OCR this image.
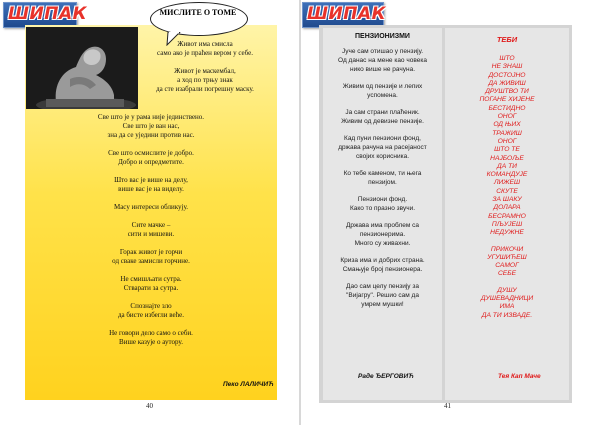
ШИПАК	ШИПАК
МИСЛИТЕ О ТОМЕ
Живот има смисла
само ако је праћен вером у себе.
Живот је маскембал,
а ход по трњу знак
да сте изабрали погрешну маску.
Све што је у рама није јединствено.
Све што је ван нас,
зна да се уједини против нас.
Све што осмислите је добро.
Добро и опредметите.
Што вас је више на делу,
више вас је на виделу.
Масу интереси обликују.
Сите мачке –
сити и мишеви.
Горак живот је горчи
од сваке замисли горчине.
Не смишљати сутра.
Стварати за сутра.
Спознајте зло
да бисте избегли веће.
Не говори дело само о себи.
Више казује о аутору.
Пеко ЛАЛИЧИЋ
40
ПЕНЗИОНИЗМИ
Јуче сам отишао у пензију.
Од данас на мене као човека
нико више не рачуна.
Живим од пензије и лепих
успомена.
Ја сам страни плаћеник.
Живим од девизне пензије.
Кад пуни пензиони фонд,
држава рачуна на расејаност
својих корисника.
Ко тебе каменом, ти њега
пензијом.
Пензиони фонд.
Како то празно звучи.
Држава има проблем са
пензионерима.
Много су живахни.
Криза има и добрих страна.
Смањује број пензионера.
Дао сам целу пензију за
"Вијагру". Решио сам да
умрем мушки!
Раде ЂЕРГОВИЋ
ТЕБИ
ШТО
НЕ ЗНАШ
ДОСТОЈНО
ДА ЖИВИШ
ДРУШТВО ТИ
ПОГАНЕ ХИЈЕНЕ
БЕСТИДНО
ОНОГ
ОД ЊИХ
ТРАЖИШ
ОНОГ
ШТО ТЕ
НАЈБОЉЕ
ДА ТИ
КОМАНДУЈЕ
ЛИЖЕШ
СКУТЕ
ЗА ШАКУ
ДОЛАРА
БЕСРАМНО
ПЉУЈЕШ
НЕДУЖНЕ
ПРИКОЧИ
УГУШИЋЕШ
САМОГ
СЕБЕ
ДУШУ
ДУШЕВАДНИЦИ
ИМА
ДА ТИ ИЗВАДЕ.
Тея Кап Маче
41
